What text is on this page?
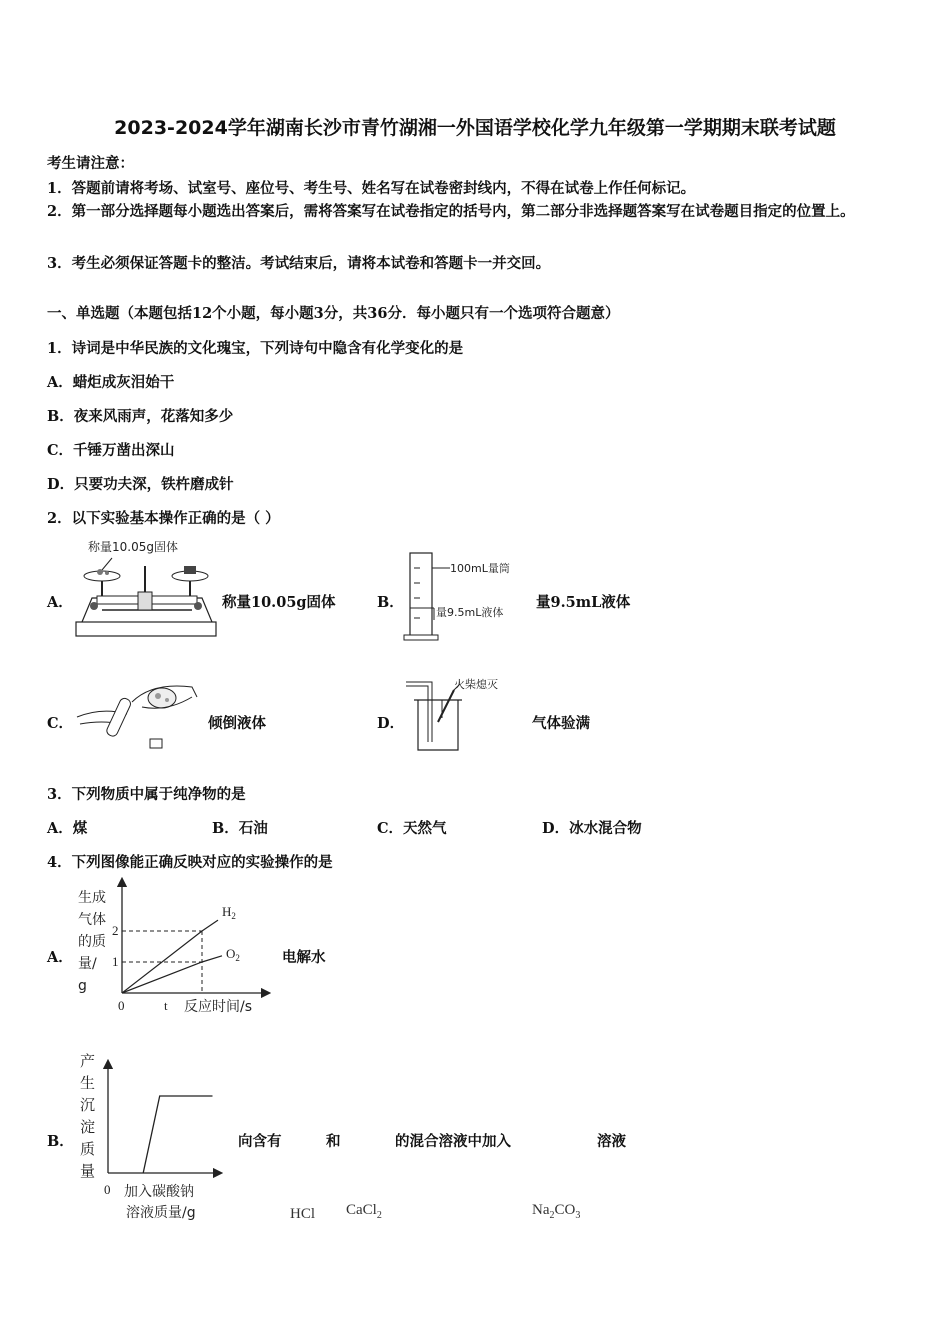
2023-2024学年湖南长沙市青竹湖湘一外国语学校化学九年级第一学期期末联考试题
考生请注意：
1．答题前请将考场、试室号、座位号、考生号、姓名写在试卷密封线内，不得在试卷上作任何标记。
2．第一部分选择题每小题选出答案后，需将答案写在试卷指定的括号内，第二部分非选择题答案写在试卷题目指定的位置上。
3．考生必须保证答题卡的整洁。考试结束后，请将本试卷和答题卡一并交回。
一、单选题（本题包括12个小题，每小题3分，共36分．每小题只有一个选项符合题意）
1．诗词是中华民族的文化瑰宝，下列诗句中隐含有化学变化的是
A．蜡炬成灰泪始干
B．夜来风雨声，花落知多少
C．千锤万凿出深山
D．只要功夫深，铁杵磨成针
2．以下实验基本操作正确的是（ ）
A．
称量10.05g固体
称量10.05g固体	B．
100mL量筒
量9.5mL液体
量9.5mL液体
C．	倾倒液体	D．
火柴熄灭
气体验满
3．下列物质中属于纯净物的是
A．煤	B．石油	C．天然气	D．冰水混合物
4．下列图像能正确反映对应的实验操作的是
A．
生成气体的质量/ g
0	t 反应时间/s
1
2
$H_2$
$O_2$	电解水
B．
产
生
沉
淀
质
量
0 加入碳酸钠
溶液质量/g
向含有	和	的混合溶液中加入	溶液
HCl CaCl$_2$	$Na_2CO_3$
